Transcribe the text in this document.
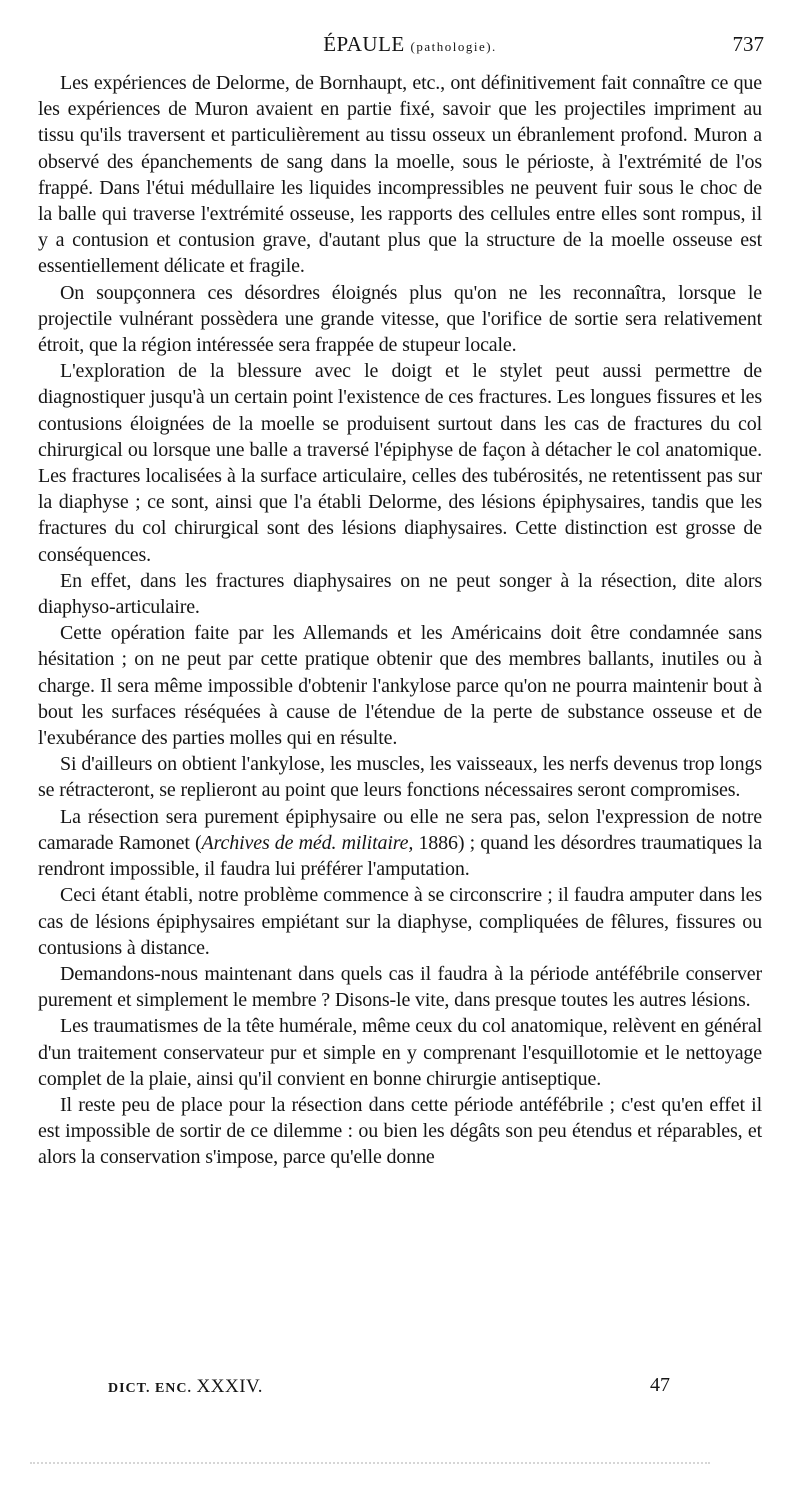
ÉPAULE (pathologie).	737

Les expériences de Delorme, de Bornhaupt, etc., ont définitivement fait connaître ce que les expériences de Muron avaient en partie fixé, savoir que les projectiles impriment au tissu qu'ils traversent et particulièrement au tissu osseux un ébranlement profond. Muron a observé des épanchements de sang dans la moelle, sous le périoste, à l'extrémité de l'os frappé. Dans l'étui médullaire les liquides incompressibles ne peuvent fuir sous le choc de la balle qui traverse l'extrémité osseuse, les rapports des cellules entre elles sont rompus, il y a contusion et contusion grave, d'autant plus que la structure de la moelle osseuse est essentiellement délicate et fragile.

On soupçonnera ces désordres éloignés plus qu'on ne les reconnaîtra, lorsque le projectile vulnérant possèdera une grande vitesse, que l'orifice de sortie sera relativement étroit, que la région intéressée sera frappée de stupeur locale.

L'exploration de la blessure avec le doigt et le stylet peut aussi permettre de diagnostiquer jusqu'à un certain point l'existence de ces fractures. Les longues fissures et les contusions éloignées de la moelle se produisent surtout dans les cas de fractures du col chirurgical ou lorsque une balle a traversé l'épiphyse de façon à détacher le col anatomique. Les fractures localisées à la surface articulaire, celles des tubérosités, ne retentissent pas sur la diaphyse ; ce sont, ainsi que l'a établi Delorme, des lésions épiphysaires, tandis que les fractures du col chirurgical sont des lésions diaphysaires. Cette distinction est grosse de conséquences.

En effet, dans les fractures diaphysaires on ne peut songer à la résection, dite alors diaphyso-articulaire.

Cette opération faite par les Allemands et les Américains doit être condamnée sans hésitation ; on ne peut par cette pratique obtenir que des membres ballants, inutiles ou à charge. Il sera même impossible d'obtenir l'ankylose parce qu'on ne pourra maintenir bout à bout les surfaces réséquées à cause de l'étendue de la perte de substance osseuse et de l'exubérance des parties molles qui en résulte.

Si d'ailleurs on obtient l'ankylose, les muscles, les vaisseaux, les nerfs devenus trop longs se rétracteront, se replieront au point que leurs fonctions nécessaires seront compromises.

La résection sera purement épiphysaire ou elle ne sera pas, selon l'expression de notre camarade Ramonet (Archives de méd. militaire, 1886) ; quand les désordres traumatiques la rendront impossible, il faudra lui préférer l'amputation.

Ceci étant établi, notre problème commence à se circonscrire ; il faudra amputer dans les cas de lésions épiphysaires empiétant sur la diaphyse, compliquées de fêlures, fissures ou contusions à distance.

Demandons-nous maintenant dans quels cas il faudra à la période antéfébrile conserver purement et simplement le membre ? Disons-le vite, dans presque toutes les autres lésions.

Les traumatismes de la tête humérale, même ceux du col anatomique, relèvent en général d'un traitement conservateur pur et simple en y comprenant l'esquillotomie et le nettoyage complet de la plaie, ainsi qu'il convient en bonne chirurgie antiseptique.

Il reste peu de place pour la résection dans cette période antéfébrile ; c'est qu'en effet il est impossible de sortir de ce dilemme : ou bien les dégâts son peu étendus et réparables, et alors la conservation s'impose, parce qu'elle donne

DICT. ENC. XXXIV.	47
